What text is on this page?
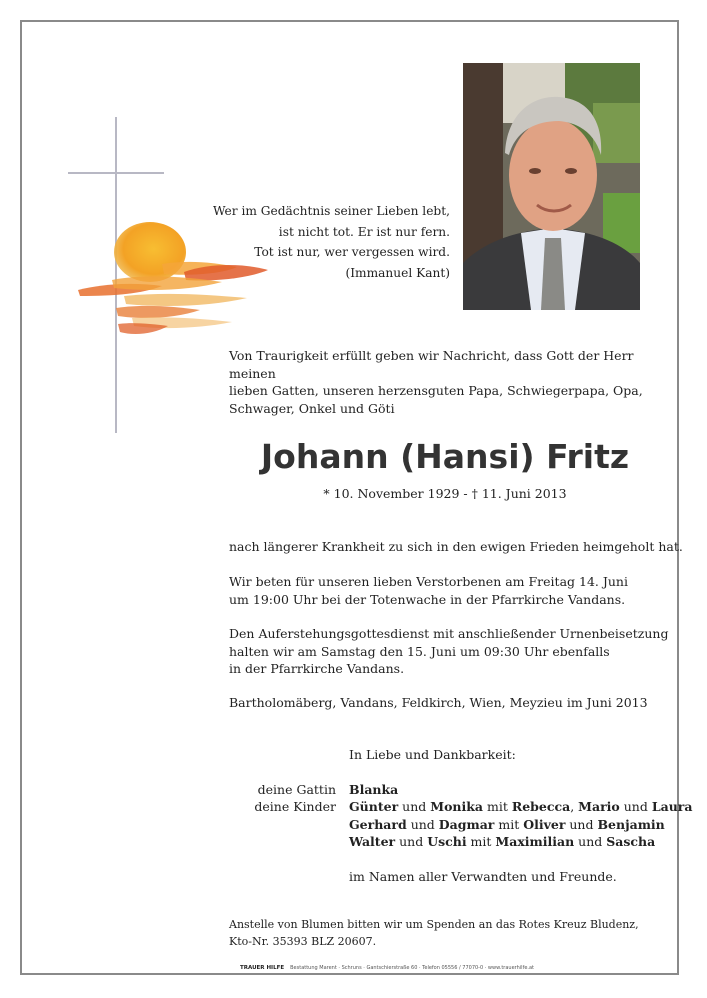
Wer im Gedächtnis seiner Lieben lebt,
ist nicht tot. Er ist nur fern.
Tot ist nur, wer vergessen wird.
(Immanuel Kant)
Von Traurigkeit erfüllt geben wir Nachricht, dass Gott der Herr meinen
lieben Gatten, unseren herzensguten Papa, Schwiegerpapa, Opa,
Schwager, Onkel und Göti
Johann (Hansi) Fritz
* 10. November 1929 - † 11. Juni 2013
nach längerer Krankheit zu sich in den ewigen Frieden heimgeholt hat.
Wir beten für unseren lieben Verstorbenen am Freitag 14. Juni
um 19:00 Uhr bei der Totenwache in der Pfarrkirche Vandans.
Den Auferstehungsgottesdienst mit anschließender Urnenbeisetzung
halten wir am Samstag den 15. Juni um 09:30 Uhr ebenfalls
in der Pfarrkirche Vandans.
Bartholomäberg, Vandans, Feldkirch, Wien, Meyzieu im Juni 2013
In Liebe und Dankbarkeit:
deine Gattin Blanka
deine Kinder Günter und Monika mit Rebecca, Mario und Laura
Gerhard und Dagmar mit Oliver und Benjamin
Walter und Uschi mit Maximilian und Sascha
im Namen aller Verwandten und Freunde.
Anstelle von Blumen bitten wir um Spenden an das Rotes Kreuz Bludenz,
Kto-Nr. 35393 BLZ 20607.
TRAUER HILFE Bestattung Marent · Schruns · Gantschierstraße 60 · Telefon 05556 / 77070-0 · www.trauerhilfe.at
